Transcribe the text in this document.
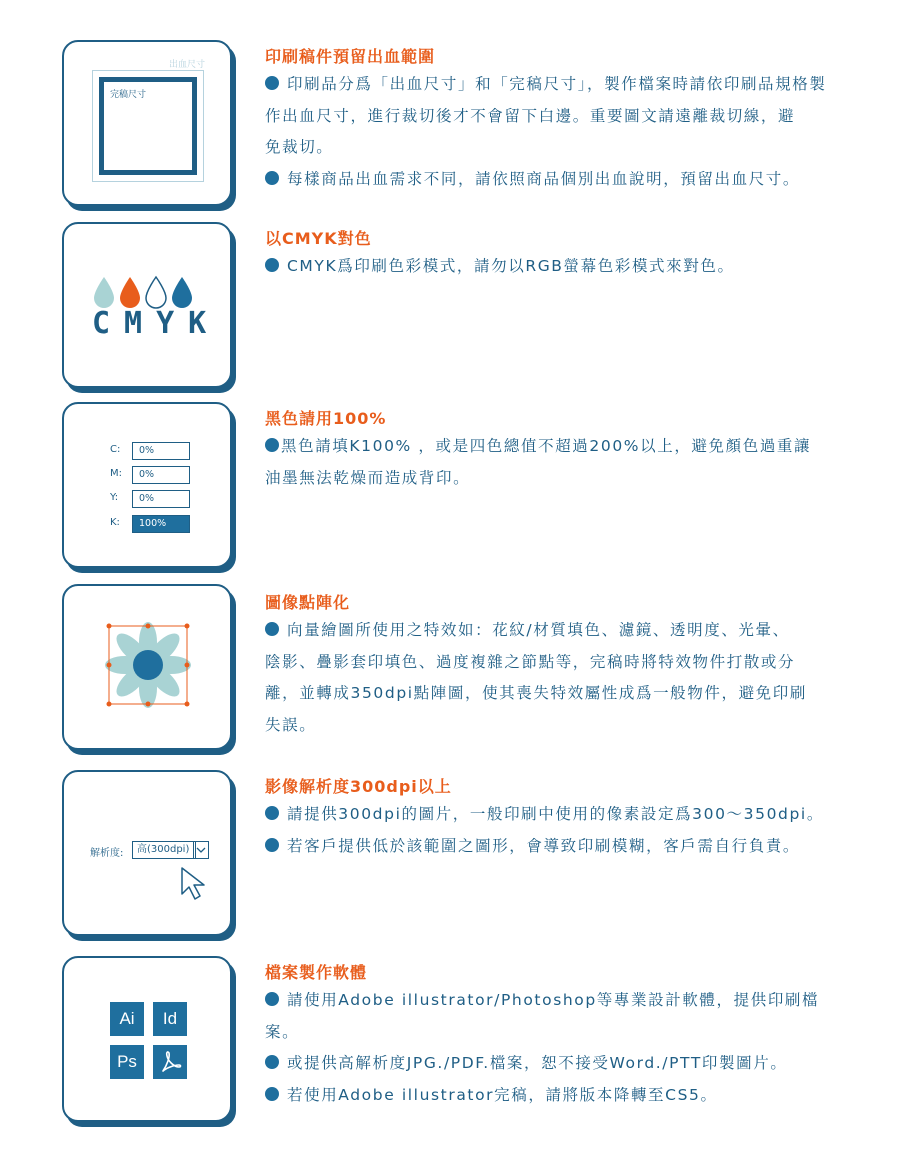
出血尺寸
完稿尺寸

印刷稿件預留出血範圍

印刷品分爲「出血尺寸」和「完稿尺寸」，製作檔案時請依印刷品規格製

作出血尺寸，進行裁切後才不會留下白邊。重要圖文請遠離裁切線，避

免裁切。

每樣商品出血需求不同，請依照商品個別出血說明，預留出血尺寸。

CMYK

以CMYK對色

CMYK爲印刷色彩模式，請勿以RGB螢幕色彩模式來對色。

C:	0%
M:	0%
Y:	0%
K:	100%

黑色請用100%

黑色請填K100% ，或是四色總值不超過200%以上，避免顏色過重讓

油墨無法乾燥而造成背印。

圖像點陣化

向量繪圖所使用之特效如：花紋/材質填色、濾鏡、透明度、光暈、

陰影、疊影套印填色、過度複雜之節點等，完稿時將特效物件打散或分

離，並轉成350dpi點陣圖，使其喪失特效屬性成爲一般物件，避免印刷

失誤。

解析度:	高(300dpi)

影像解析度300dpi以上

請提供300dpi的圖片，一般印刷中使用的像素設定爲300～350dpi。

若客戶提供低於該範圍之圖形，會導致印刷模糊，客戶需自行負責。

Ai	Id
Ps

檔案製作軟體

請使用Adobe illustrator/Photoshop等專業設計軟體，提供印刷檔

案。

或提供高解析度JPG./PDF.檔案，恕不接受Word./PTT印製圖片。

若使用Adobe illustrator完稿，請將版本降轉至CS5。
